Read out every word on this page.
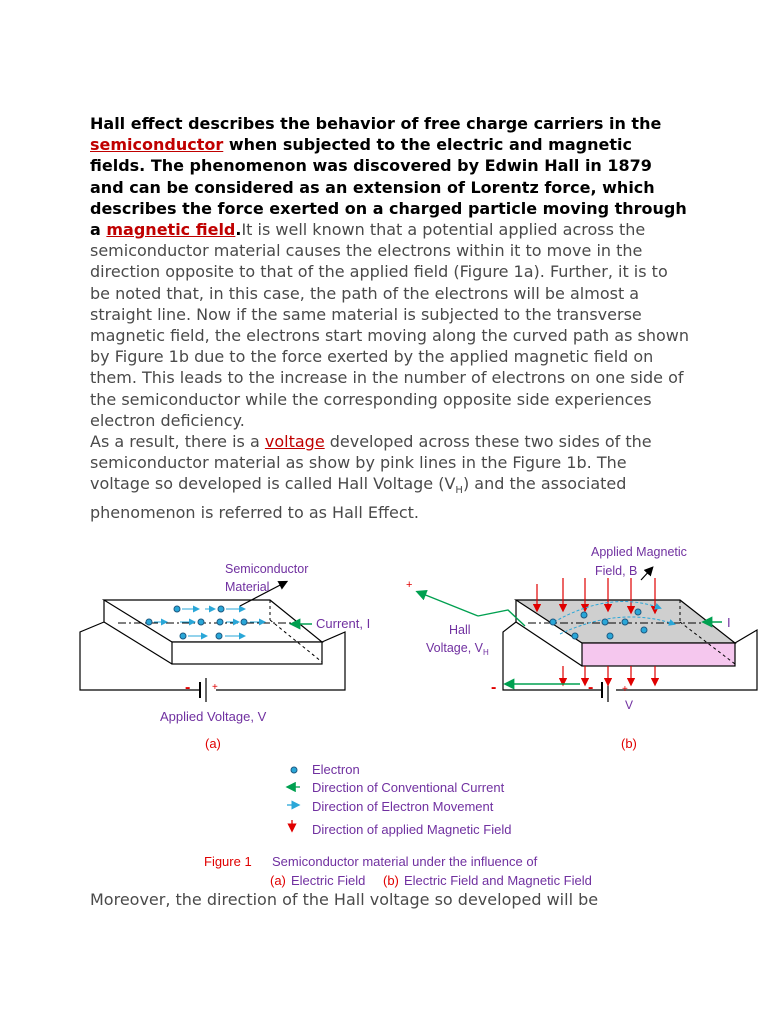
Hall effect describes the behavior of free charge carriers in the semiconductor when subjected to the electric and magnetic fields. The phenomenon was discovered by Edwin Hall in 1879 and can be considered as an extension of Lorentz force, which describes the force exerted on a charged particle moving through a magnetic field.It is well known that a potential applied across the semiconductor material causes the electrons within it to move in the direction opposite to that of the applied field (Figure 1a). Further, it is to be noted that, in this case, the path of the electrons will be almost a straight line. Now if the same material is subjected to the transverse magnetic field, the electrons start moving along the curved path as shown by Figure 1b due to the force exerted by the applied magnetic field on them. This leads to the increase in the number of electrons on one side of the semiconductor while the corresponding opposite side experiences electron deficiency.

As a result, there is a voltage developed across these two sides of the semiconductor material as show by pink lines in the Figure 1b. The voltage so developed is called Hall Voltage $(V_H)$ and the associated phenomenon is referred to as Hall Effect.

- +
Semiconductor
Material
Current, I
Applied Voltage, V
(a)
-	+
V
+
-
I
Applied Magnetic
Field, B
Hall
Voltage, $V_H$
(b)
Electron
Direction of Conventional Current
Direction of Electron Movement
Direction of applied Magnetic Field
Figure 1 Semiconductor material under the influence of
(a) Electric Field (b) Electric Field and Magnetic Field

Moreover, the direction of the Hall voltage so developed will be
